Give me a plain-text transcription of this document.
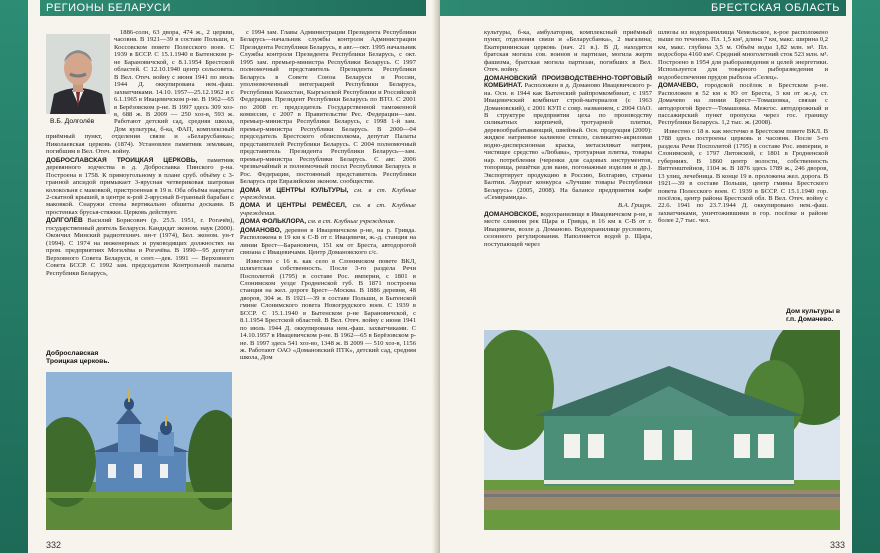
РЕГИОНЫ БЕЛАРУСИ
В.Б. Долголёв

1886-солн, 63 двора, 474 ж., 2 церкви, часовня. В 1921—39 в составе Польши, в Коссовском повете Полесского воев. С 1939 в БССР. С 15.1.1940 в Бытенском р-не Барановичской, с 8.1.1954 Брестской областей. С 12.10.1940 центр сельсовета. В Вел. Отеч. войну с июня 1941 по июль 1944 Д. оккупирована нем.-фаш. захватчиками. 14.10. 1957—25.12.1962 и с 6.1.1965 в Ивацевичском р-не. В 1962—65 в Берёзовском р-не. В 1997 здесь 309 хоз-в, 688 ж. В 2009 — 250 хоз-в, 593 ж. Работают детский сад, средняя школа, Дом культуры, б-ка, ФАП, комплексный приёмный пункт, отделения связи и «Беларусбанка»; Николаевская церковь (1874). Установлен памятник землякам, погибшим в Вел. Отеч. войну.

ДОБРОСЛАВСКАЯ ТРОИЦКАЯ ЦЕРКОВЬ, памятник деревянного зодчества в д. Доброславка Пинского р-на. Построена в 1758. К прямоугольному в плане сруб. объёму с 3-гранной апсидой примыкает 3-ярусная четвериковая шатровая колокольня с маковкой, пристроенная в 19 в. Оба объёма накрыты 2-скатной крышей, в центре к-рой 2-ярусный 8-гранный барабан с маковкой. Снаружи стены вертикально обшиты досками. В простенках брусья-стяжки. Церковь действует.

ДОЛГОЛЁВ Василий Борисович (р. 25.5. 1951, г. Рогачёв), государственный деятель Беларуси. Кандидат эконом. наук (2000). Окончил Минский радиотехнич. ин-т (1974), Бел. эконом. ун-т (1994). С 1974 на инженерных и руководящих должностях на пром. предприятиях Могилёва и Рогачёва. В 1990—95 депутат Верховного Совета Беларуси, в сент.—дек. 1991 — Верховного Совета БССР. С 1992 зам. председателя Контрольной палаты Республики Беларусь,

с 1994 зам. Главы Администрации Президента Республики Беларусь—начальник службы контроля Администрации Президента Республики Беларусь, в авг.—окт. 1995 начальник Службы контроля Президента Республики Беларусь, с окт. 1995 зам. премьер-министра Республики Беларусь. С 1997 полномочный представитель Президента Республики Беларусь в Совете Союза Беларуси и России, уполномоченный интеграцией Республики Беларусь, Республики Казахстан, Кыргызской Республики и Российской Федерации. Президент Республики Беларусь по ВТО. С 2001 по 2008 гг. председатель Государственной таможенной комиссии, с 2007 в Правительстве Рес. Федерации—зам. премьер-министра Республики Беларусь, с 1998 1-й зам. премьер-министра Республики Беларусь. В 2000—04 председатель Брестского облисполкома, депутат Палаты представителей Республики Беларусь. С 2004 полномочный представитель Президента Республики Беларусь—зам. премьер-министра Республики Беларусь. С авг. 2006 чрезвычайный и полномочный посол Республики Беларусь в Рос. Федерации, постоянный представитель Республики Беларусь при Евразийском эконом. сообществе.

ДОМА И ЦЕНТРЫ КУЛЬТУРЫ, см. в ст. Клубные учреждения.

ДОМА И ЦЕНТРЫ РЕМЁСЕЛ, см. в ст. Клубные учреждения.

ДОМА ФОЛЬКЛОРА, см. в ст. Клубные учреждения.

ДОМАНОВО, деревня в Ивацевичском р-не, на р. Гривда. Расположена в 19 км к С-В от г. Ивацевичи, ж.-д. станция на линии Брест—Барановичи, 151 км от Бреста, автодорогой связана с Ивацевичами. Центр Домановского с/с.

Известно с 16 в. как село в Слонимском повете ВКЛ, шляхетская собственность. После 3-го раздела Речи Посполитой (1795) в составе Рос. империи, с 1801 в Слонимском уезде Гродненской губ. В 1871 построена станция на жел. дороге Брест—Москва. В 1886 деревня, 48 дворов, 304 ж. В 1921—39 в составе Польши, в Бытенской гмине Слонимского повета Новогрудского воев. С 1939 в БССР. С 15.1.1940 в Бытенском р-не Барановичской, с 8.1.1954 Брестской областей. В Вел. Отеч. войну с июня 1941 по июль 1944 Д. оккупирована нем.-фаш. захватчиками. С 14.10.1957 в Ивацевичском р-не. В 1962—65 в Берёзовском р-не. В 1997 здесь 541 хоз-во, 1348 ж. В 2009 — 510 хоз-в, 1156 ж. Работают ОАО «Домановский ПТК», детский сад, средняя школа, Дом

Доброславская
Троицкая церковь.
332
БРЕСТСКАЯ ОБЛАСТЬ

культуры, б-ка, амбулатория, комплексный приёмный пункт, отделения связи и «Беларусбанка», 2 магазина; Екатерининская церковь (нач. 21 в.). В Д. находятся братская могила сов. воинов и партизан, могила жертв фашизма, братская могила партизан, погибших в Вел. Отеч. войну.

ДОМАНОВСКИЙ ПРОИЗВОДСТВЕННО-ТОРГОВЫЙ КОМБИНАТ. Расположен в д. Доманово Ивацевичского р-на. Осн. в 1944 как Бытенский райпромкомбинат, с 1957 Ивацевичский комбинат строй-материалов (с 1963 Домановский), с 2001 КУП с совр. названием, с 2004 ОАО. В структуре предприятия цеха по производству силикатных кирпичей, тротуарной плитки, деревообрабатывающий, швейный. Осн. продукция (2009): жидкое натриевое калиевое стекло, силикатно-акриловая водно-дисперсионная краска, метасиликат натрия, чистящее средство «Любава», тротуарная плитка, товары нар. потребления (черенки для садовых инструментов, топорища, решётки для ванн, погонажные изделия и др.). Экспортирует продукцию в Россию, Болгарию, страны Балтии. Лауреат конкурса «Лучшие товары Республики Беларусь» (2005, 2008). На балансе предприятия кафе «Семирамида».

В.А. Грицук.

ДОМАНОВСКОЕ, водохранилище в Ивацевичском р-не, в месте слияния рек Щара и Гривда, в 16 км к С-В от г. Ивацевичи, возле д. Доманово. Водохранилище руслового, сезонного регулирования. Наполняется водой р. Щара, поступающей через

шлюзы из водохранилища Чемельское, к-рое расположено выше по течению. Пл. 1,5 км², длина 7 км, макс. ширина 0,2 км, макс. глубина 3,5 м. Объём воды 1,82 млн. м³. Пл. водосбора 4160 км². Средний многолетний сток 523 млн. м³. Построено в 1954 для рыборазведения и целей энергетики. Используется для товарного рыборазведения и водообеспечения прудов рыбхоза «Селец».

ДОМАЧЕВО, городской посёлок в Брестском р-не. Расположен в 52 км к Ю от Бреста, 3 км от ж.-д. ст. Домачево на линии Брест—Томашовка, связан с автодорогой Брест—Томашовка. Межгос. автодорожный и пассажирский пункт пропуска через гос. границу Республики Беларусь. 1,2 тыс. ж. (2008).

Известно с 18 в. как местечко в Брестском повете ВКЛ. В 1788 здесь построены церковь и часовня. После 3-го раздела Речи Посполитой (1795) в составе Рос. империи, в Слонимской, с 1797 Литовской, с 1801 в Гродненской губерниях. В 1860 центр волости, собственность Виттенштейнов, 1104 ж. В 1876 здесь 1789 ж., 246 дворов, 13 улиц, лечебница. В конце 19 в. проложена жел. дорога. В 1921—39 в составе Польши, центр гмины Брестского повета Полесского воев. С 1939 в БССР. С 15.1.1940 гор. посёлок, центр района Брестской обл. В Вел. Отеч. войну с 22.6. 1941 по 23.7.1944 Д. оккупировано нем.-фаш. захватчиками, уничтожившими в гор. посёлке и районе более 2,7 тыс. чел.

Дом культуры в
г.п. Домачево.
333
